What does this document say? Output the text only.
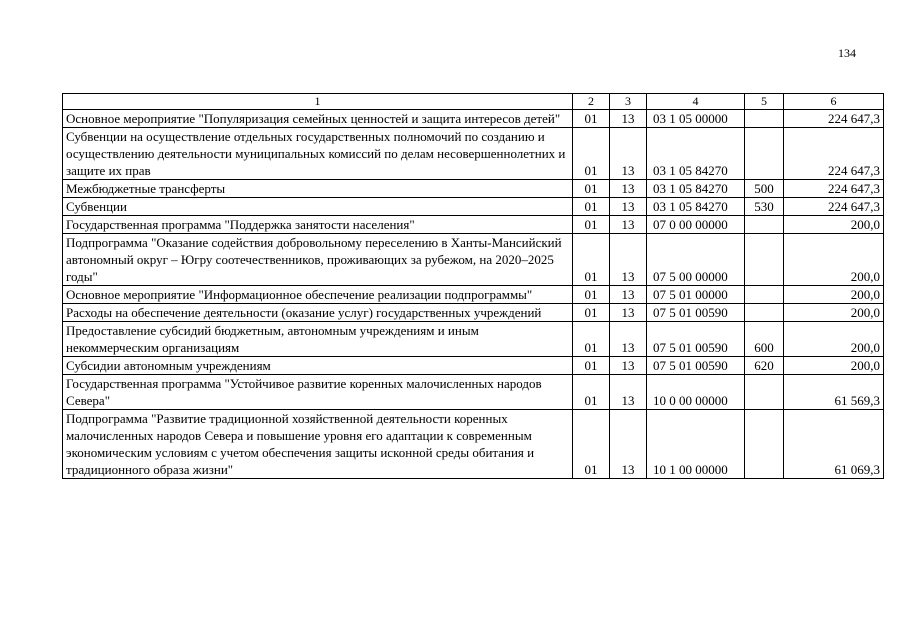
134
1	2	3	4	5	6
Основное мероприятие "Популяризация семейных ценностей и защита интересов детей"	01	13	03 1 05 00000		224 647,3
Субвенции на осуществление отдельных государственных полномочий по созданию и осуществлению деятельности муниципальных комиссий по делам несовершеннолетних и защите их прав	01	13	03 1 05 84270		224 647,3
Межбюджетные трансферты	01	13	03 1 05 84270	500	224 647,3
Субвенции	01	13	03 1 05 84270	530	224 647,3
Государственная программа "Поддержка занятости населения"	01	13	07 0 00 00000		200,0
Подпрограмма "Оказание содействия добровольному переселению в Ханты-Мансийский автономный округ – Югру соотечественников, проживающих за рубежом, на 2020–2025 годы"	01	13	07 5 00 00000		200,0
Основное мероприятие "Информационное обеспечение реализации подпрограммы"	01	13	07 5 01 00000		200,0
Расходы на обеспечение деятельности (оказание услуг) государственных учреждений	01	13	07 5 01 00590		200,0
Предоставление субсидий бюджетным, автономным учреждениям и иным некоммерческим организациям	01	13	07 5 01 00590	600	200,0
Субсидии автономным учреждениям	01	13	07 5 01 00590	620	200,0
Государственная программа "Устойчивое развитие коренных малочисленных народов Севера"	01	13	10 0 00 00000		61 569,3
Подпрограмма "Развитие традиционной хозяйственной деятельности коренных малочисленных народов Севера и повышение уровня его адаптации к современным экономическим условиям с учетом обеспечения защиты исконной среды обитания и традиционного образа жизни"	01	13	10 1 00 00000		61 069,3
